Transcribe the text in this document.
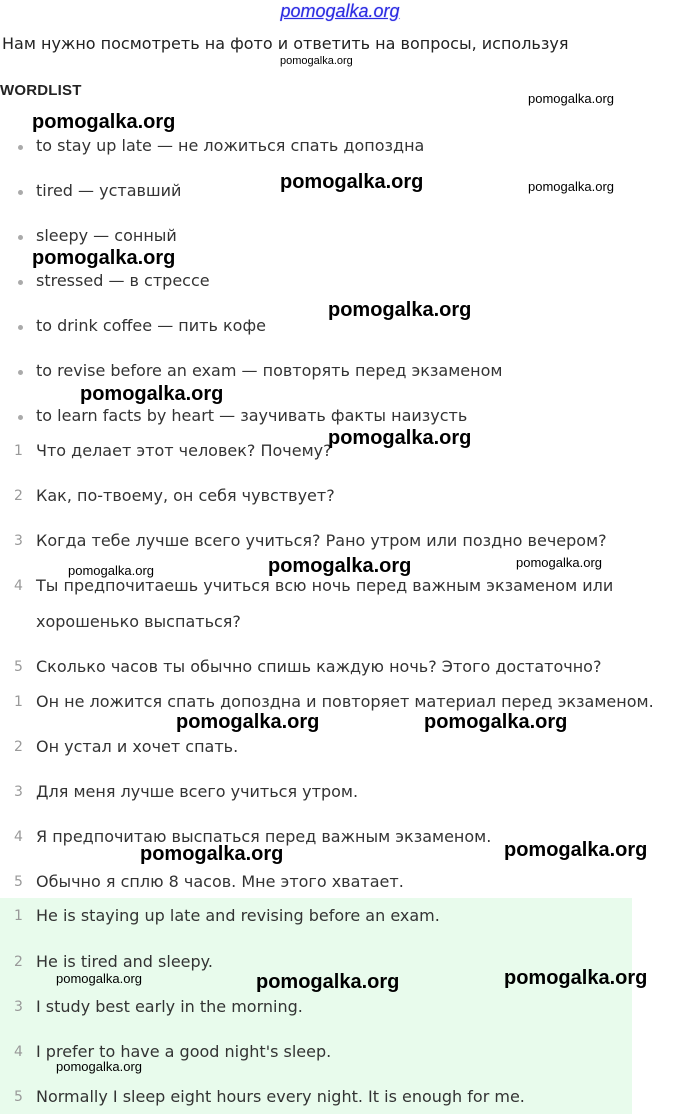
pomogalka.org
Нам нужно посмотреть на фото и ответить на вопросы, используя
WORDLIST
to stay up late — не ложиться спать допоздна
tired — уставший
sleepy — сонный
stressed — в стрессе
to drink coffee — пить кофе
to revise before an exam — повторять перед экзаменом
to learn facts by heart — заучивать факты наизусть
1 Что делает этот человек? Почему?
2 Как, по-твоему, он себя чувствует?
3 Когда тебе лучше всего учиться? Рано утром или поздно вечером?
4 Ты предпочитаешь учиться всю ночь перед важным экзаменом или
хорошенько выспаться?
5 Сколько часов ты обычно спишь каждую ночь? Этого достаточно?
1 Он не ложится спать допоздна и повторяет материал перед экзаменом.
2 Он устал и хочет спать.
3 Для меня лучше всего учиться утром.
4 Я предпочитаю выспаться перед важным экзаменом.
5 Обычно я сплю 8 часов. Мне этого хватает.
1 He is staying up late and revising before an exam.
2 He is tired and sleepy.
3 I study best early in the morning.
4 I prefer to have a good night's sleep.
5 Normally I sleep eight hours every night. It is enough for me.
pomogalka.org
pomogalka.org
pomogalka.org
pomogalka.org	pomogalka.org
pomogalka.org
pomogalka.org
pomogalka.org
pomogalka.org
pomogalka.org	pomogalka.org	pomogalka.org
pomogalka.org	pomogalka.org
pomogalka.org	pomogalka.org
pomogalka.org	pomogalka.org	pomogalka.org
pomogalka.org
